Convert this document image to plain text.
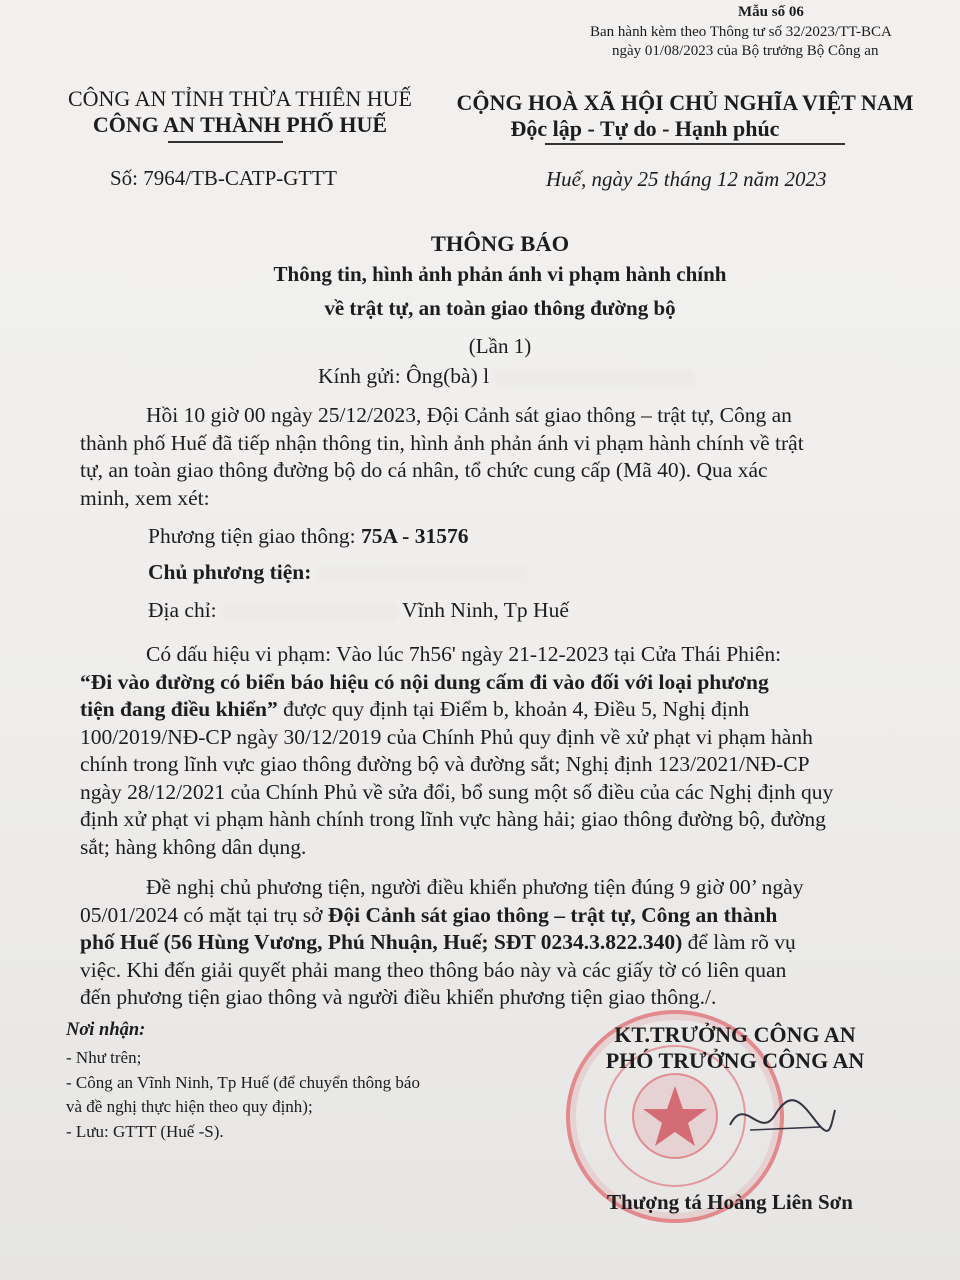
Mẫu số 06
Ban hành kèm theo Thông tư số 32/2023/TT-BCA
ngày 01/08/2023 của Bộ trưởng Bộ Công an
CÔNG AN TỈNH THỪA THIÊN HUẾ
CÔNG AN THÀNH PHỐ HUẾ
Số: 7964/TB-CATP-GTTT
CỘNG HOÀ XÃ HỘI CHỦ NGHĨA VIỆT NAM
Độc lập - Tự do - Hạnh phúc
Huế, ngày 25 tháng 12 năm 2023
THÔNG BÁO
Thông tin, hình ảnh phản ánh vi phạm hành chính
về trật tự, an toàn giao thông đường bộ
(Lần 1)
Kính gửi: Ông(bà) l
Hồi 10 giờ 00 ngày 25/12/2023, Đội Cảnh sát giao thông – trật tự, Công an
thành phố Huế đã tiếp nhận thông tin, hình ảnh phản ánh vi phạm hành chính về trật
tự, an toàn giao thông đường bộ do cá nhân, tổ chức cung cấp (Mã 40). Qua xác
minh, xem xét:
Phương tiện giao thông: 75A - 31576
Chủ phương tiện:
Địa chỉ:	Vĩnh Ninh, Tp Huế
Có dấu hiệu vi phạm: Vào lúc 7h56' ngày 21-12-2023 tại Cửa Thái Phiên:
“Đi vào đường có biển báo hiệu có nội dung cấm đi vào đối với loại phương
tiện đang điều khiển” được quy định tại Điểm b, khoản 4, Điều 5, Nghị định
100/2019/NĐ-CP ngày 30/12/2019 của Chính Phủ quy định về xử phạt vi phạm hành
chính trong lĩnh vực giao thông đường bộ và đường sắt; Nghị định 123/2021/NĐ-CP
ngày 28/12/2021 của Chính Phủ về sửa đổi, bổ sung một số điều của các Nghị định quy
định xử phạt vi phạm hành chính trong lĩnh vực hàng hải; giao thông đường bộ, đường
sắt; hàng không dân dụng.
Đề nghị chủ phương tiện, người điều khiển phương tiện đúng 9 giờ 00’ ngày
05/01/2024 có mặt tại trụ sở Đội Cảnh sát giao thông – trật tự, Công an thành
phố Huế (56 Hùng Vương, Phú Nhuận, Huế; SĐT 0234.3.822.340) để làm rõ vụ
việc. Khi đến giải quyết phải mang theo thông báo này và các giấy tờ có liên quan
đến phương tiện giao thông và người điều khiển phương tiện giao thông./.
Nơi nhận:
- Như trên;
- Công an Vĩnh Ninh, Tp Huế (để chuyển thông báo
và đề nghị thực hiện theo quy định);
- Lưu: GTTT (Huế -S).
KT.TRƯỞNG CÔNG AN
PHÓ TRƯỞNG CÔNG AN
Thượng tá Hoàng Liên Sơn
